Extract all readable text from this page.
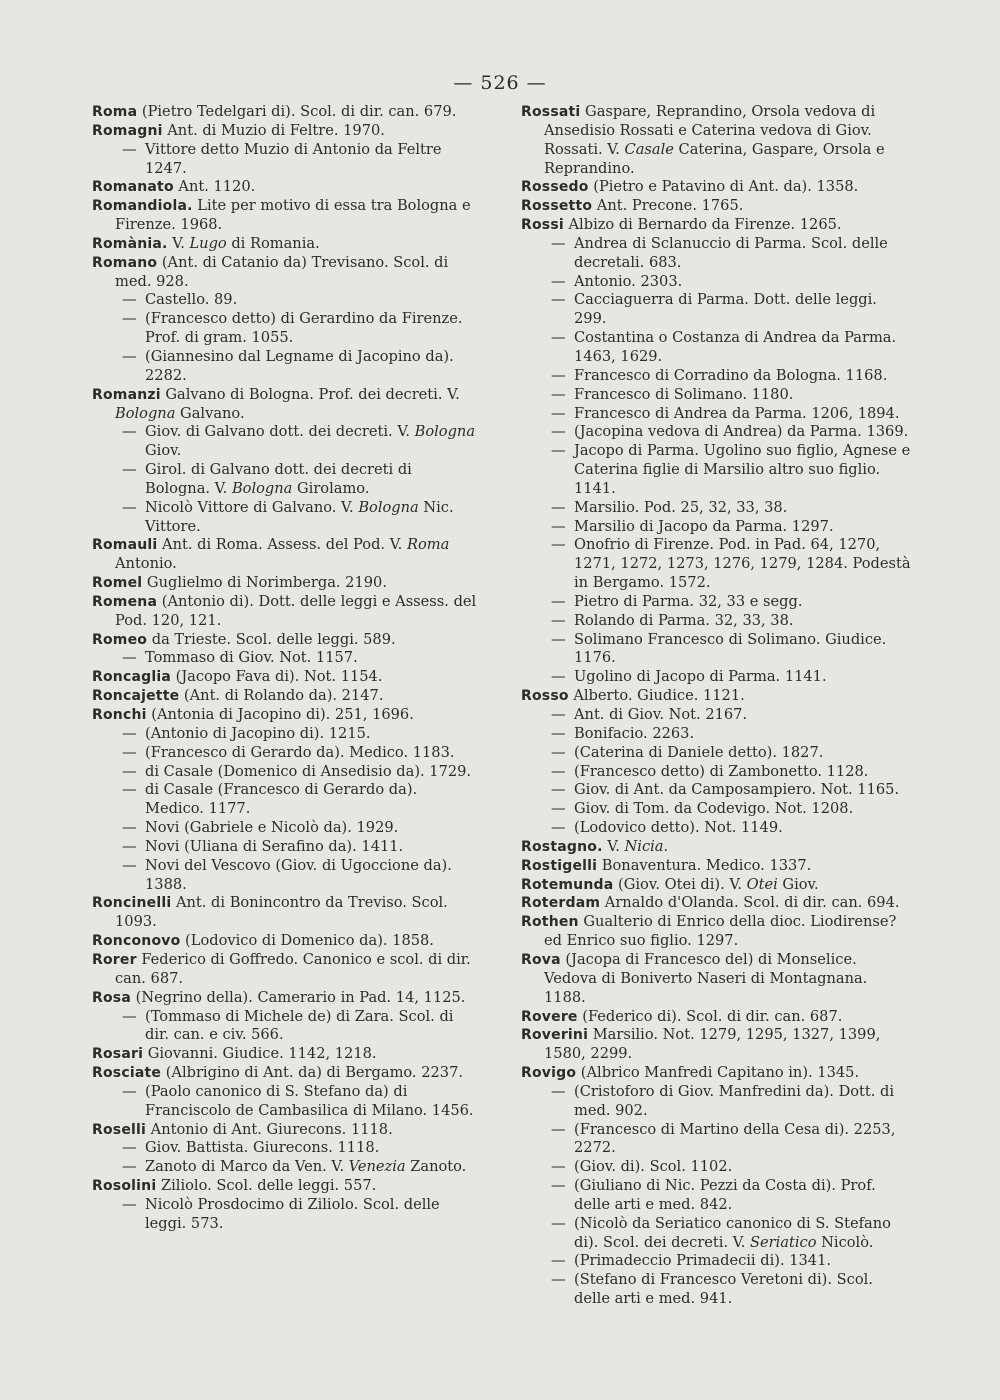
— 526 —
Roma (Pietro Tedelgari di). Scol. di dir. can. 679.
Romagni Ant. di Muzio di Feltre. 1970.
— Vittore detto Muzio di Antonio da Feltre 1247.
Romanato Ant. 1120.
Romandiola. Lite per motivo di essa tra Bologna e Firenze. 1968.
Romània. V. Lugo di Romania.
Romano (Ant. di Catanio da) Trevisano. Scol. di med. 928.
— Castello. 89.
— (Francesco detto) di Gerardino da Firenze. Prof. di gram. 1055.
— (Giannesino dal Legname di Jacopino da). 2282.
Romanzi Galvano di Bologna. Prof. dei decreti. V. Bologna Galvano.
— Giov. di Galvano dott. dei decreti. V. Bologna Giov.
— Girol. di Galvano dott. dei decreti di Bologna. V. Bologna Girolamo.
— Nicolò Vittore di Galvano. V. Bologna Nic. Vittore.
Romauli Ant. di Roma. Assess. del Pod. V. Roma Antonio.
Romel Guglielmo di Norimberga. 2190.
Romena (Antonio di). Dott. delle leggi e Assess. del Pod. 120, 121.
Romeo da Trieste. Scol. delle leggi. 589.
— Tommaso di Giov. Not. 1157.
Roncaglia (Jacopo Fava di). Not. 1154.
Roncajette (Ant. di Rolando da). 2147.
Ronchi (Antonia di Jacopino di). 251, 1696.
— (Antonio di Jacopino di). 1215.
— (Francesco di Gerardo da). Medico. 1183.
— di Casale (Domenico di Ansedisio da). 1729.
— di Casale (Francesco di Gerardo da). Medico. 1177.
— Novi (Gabriele e Nicolò da). 1929.
— Novi (Uliana di Serafino da). 1411.
— Novi del Vescovo (Giov. di Ugoccione da). 1388.
Roncinelli Ant. di Bonincontro da Treviso. Scol. 1093.
Ronconovo (Lodovico di Domenico da). 1858.
Rorer Federico di Goffredo. Canonico e scol. di dir. can. 687.
Rosa (Negrino della). Camerario in Pad. 14, 1125.
— (Tommaso di Michele de) di Zara. Scol. di dir. can. e civ. 566.
Rosari Giovanni. Giudice. 1142, 1218.
Rosciate (Albrigino di Ant. da) di Bergamo. 2237.
— (Paolo canonico di S. Stefano da) di Franciscolo de Cambasilica di Milano. 1456.
Roselli Antonio di Ant. Giurecons. 1118.
— Giov. Battista. Giurecons. 1118.
— Zanoto di Marco da Ven. V. Venezia Zanoto.
Rosolini Ziliolo. Scol. delle leggi. 557.
— Nicolò Prosdocimo di Ziliolo. Scol. delle leggi. 573.
Rossati Gaspare, Reprandino, Orsola vedova di Ansedisio Rossati e Caterina vedova di Giov. Rossati. V. Casale Caterina, Gaspare, Orsola e Reprandino.
Rossedo (Pietro e Patavino di Ant. da). 1358.
Rossetto Ant. Precone. 1765.
Rossi Albizo di Bernardo da Firenze. 1265.
— Andrea di Sclanuccio di Parma. Scol. delle decretali. 683.
— Antonio. 2303.
— Cacciaguerra di Parma. Dott. delle leggi. 299.
— Costantina o Costanza di Andrea da Parma. 1463, 1629.
— Francesco di Corradino da Bologna. 1168.
— Francesco di Solimano. 1180.
— Francesco di Andrea da Parma. 1206, 1894.
— (Jacopina vedova di Andrea) da Parma. 1369.
— Jacopo di Parma. Ugolino suo figlio, Agnese e Caterina figlie di Marsilio altro suo figlio. 1141.
— Marsilio. Pod. 25, 32, 33, 38.
— Marsilio di Jacopo da Parma. 1297.
— Onofrio di Firenze. Pod. in Pad. 64, 1270, 1271, 1272, 1273, 1276, 1279, 1284. Podestà in Bergamo. 1572.
— Pietro di Parma. 32, 33 e segg.
— Rolando di Parma. 32, 33, 38.
— Solimano Francesco di Solimano. Giudice. 1176.
— Ugolino di Jacopo di Parma. 1141.
Rosso Alberto. Giudice. 1121.
— Ant. di Giov. Not. 2167.
— Bonifacio. 2263.
— (Caterina di Daniele detto). 1827.
— (Francesco detto) di Zambonetto. 1128.
— Giov. di Ant. da Camposampiero. Not. 1165.
— Giov. di Tom. da Codevigo. Not. 1208.
— (Lodovico detto). Not. 1149.
Rostagno. V. Nicia.
Rostigelli Bonaventura. Medico. 1337.
Rotemunda (Giov. Otei di). V. Otei Giov.
Roterdam Arnaldo d'Olanda. Scol. di dir. can. 694.
Rothen Gualterio di Enrico della dioc. Liodirense? ed Enrico suo figlio. 1297.
Rova (Jacopa di Francesco del) di Monselice. Vedova di Boniverto Naseri di Montagnana. 1188.
Rovere (Federico di). Scol. di dir. can. 687.
Roverini Marsilio. Not. 1279, 1295, 1327, 1399, 1580, 2299.
Rovigo (Albrico Manfredi Capitano in). 1345.
— (Cristoforo di Giov. Manfredini da). Dott. di med. 902.
— (Francesco di Martino della Cesa di). 2253, 2272.
— (Giov. di). Scol. 1102.
— (Giuliano di Nic. Pezzi da Costa di). Prof. delle arti e med. 842.
— (Nicolò da Seriatico canonico di S. Stefano di). Scol. dei decreti. V. Seriatico Nicolò.
— (Primadeccio Primadecii di). 1341.
— (Stefano di Francesco Veretoni di). Scol. delle arti e med. 941.
